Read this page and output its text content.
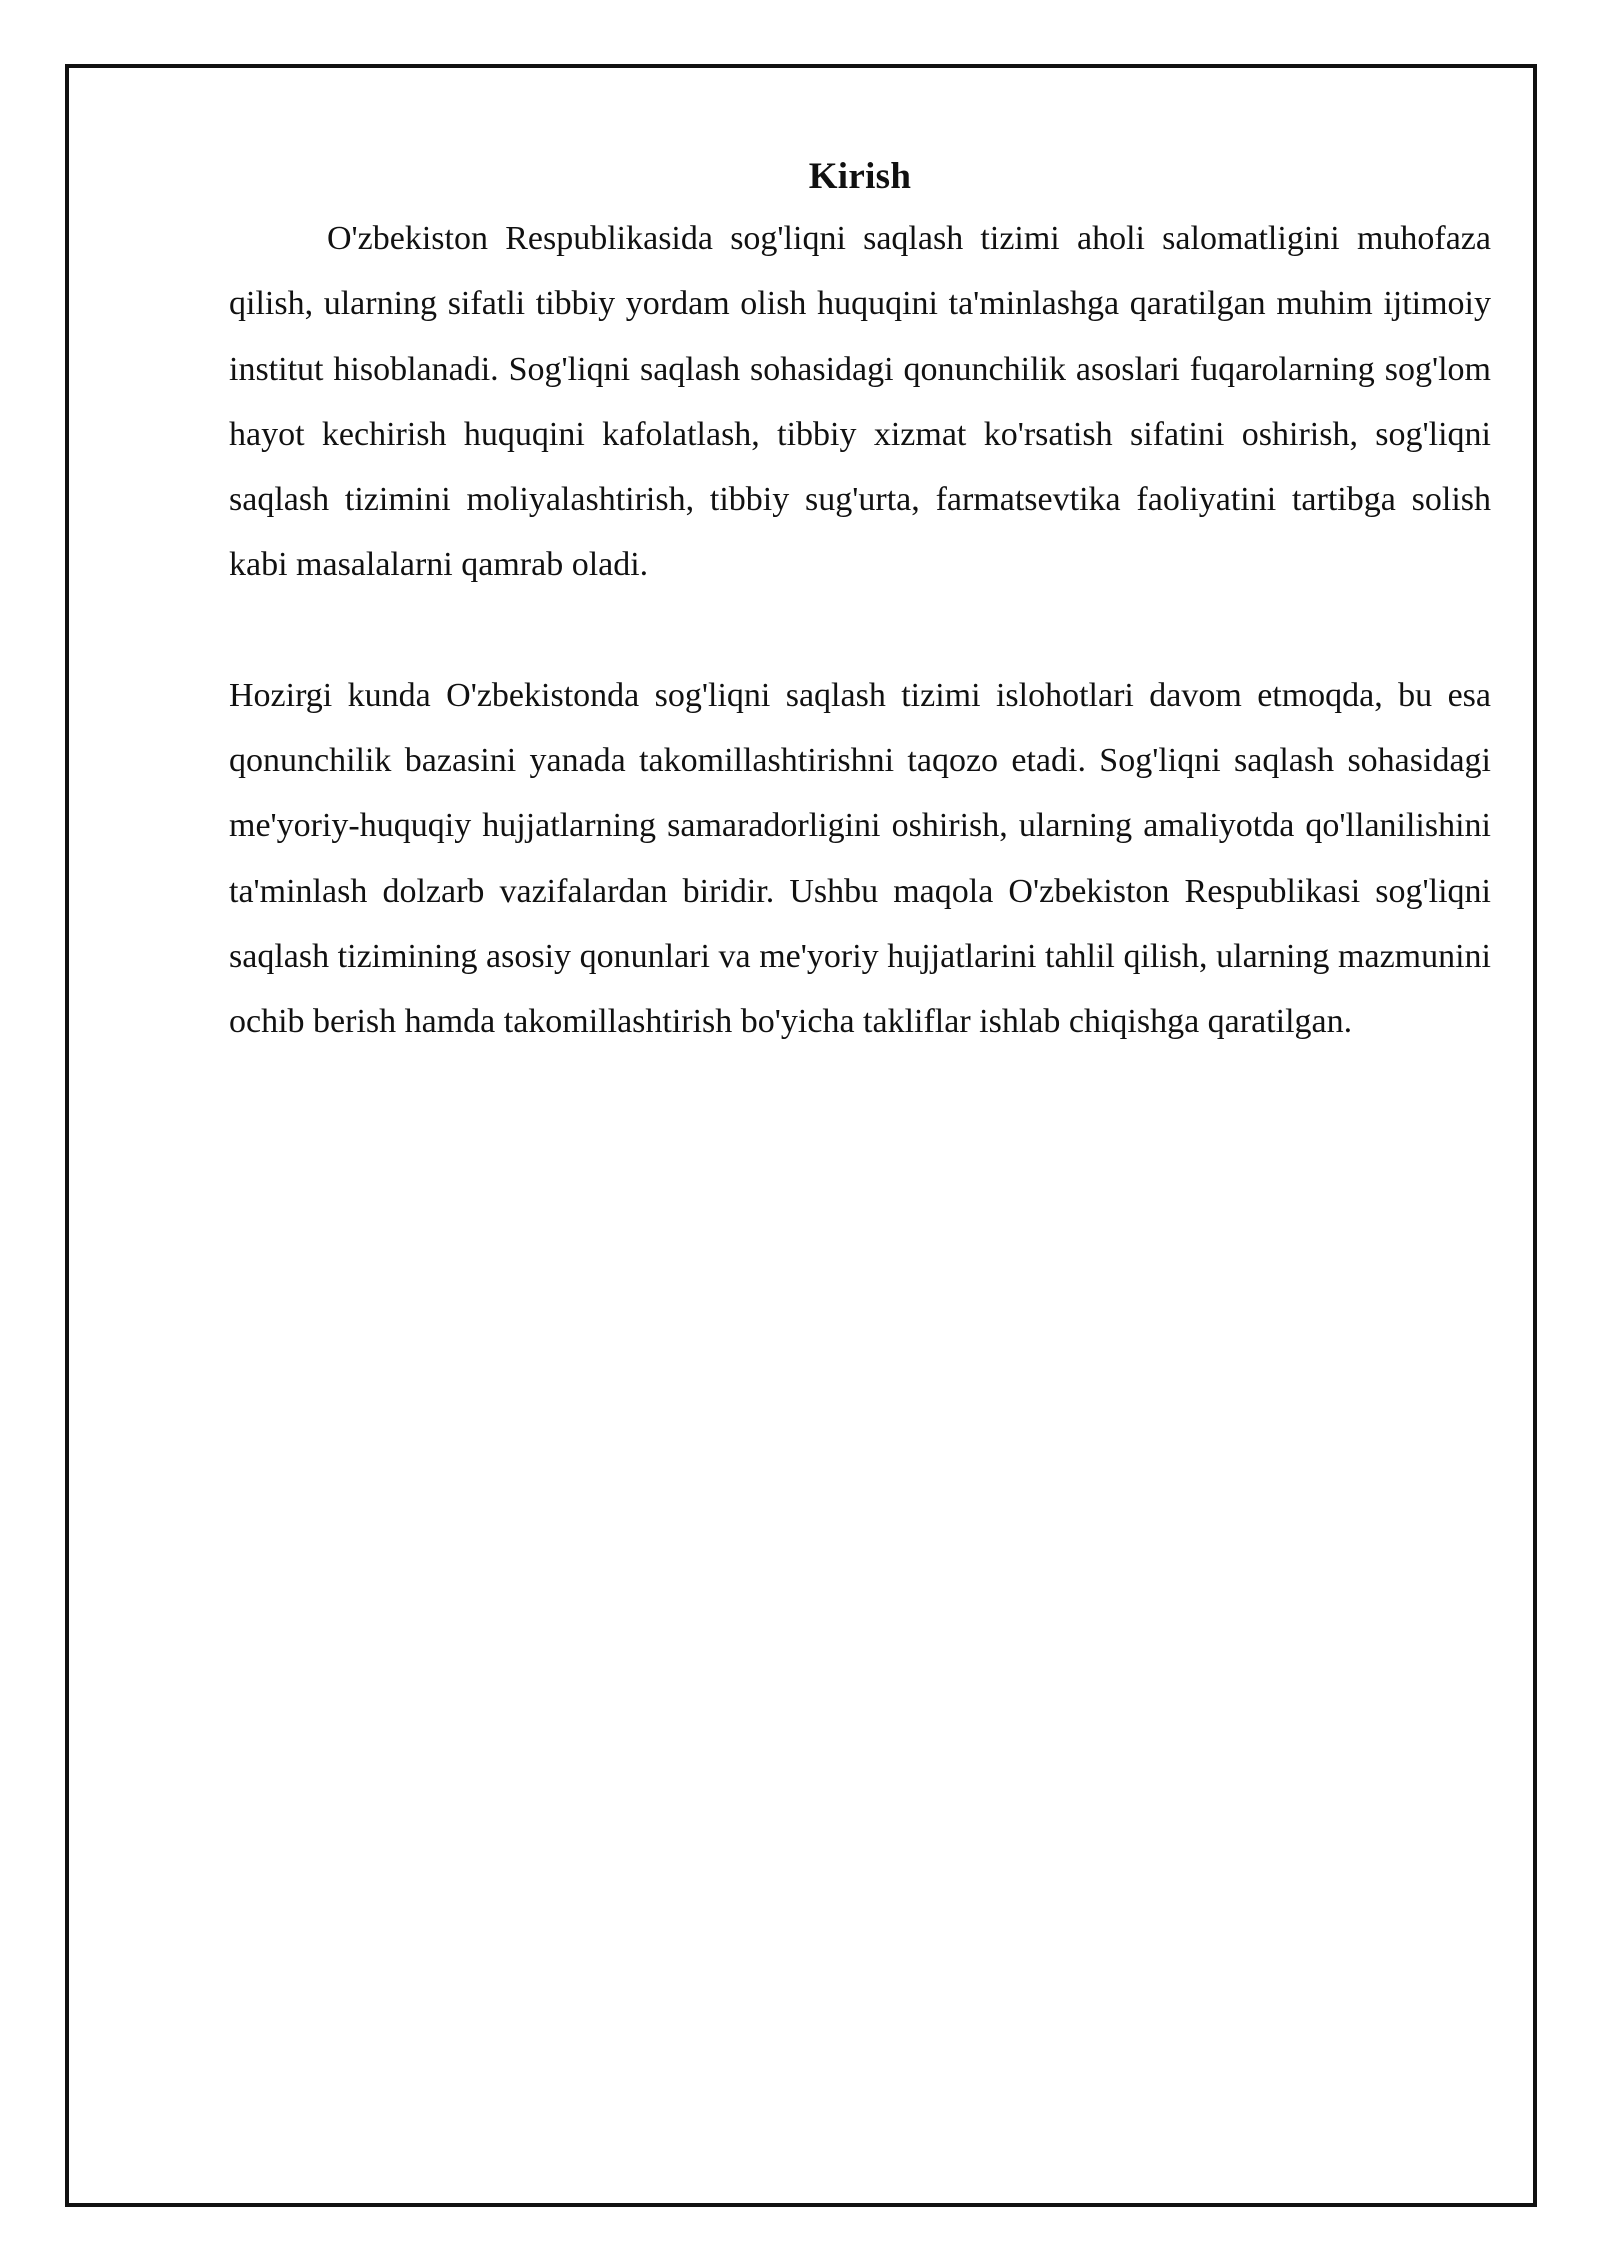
Kirish

O'zbekiston Respublikasida sog'liqni saqlash tizimi aholi salomatligini muhofaza qilish, ularning sifatli tibbiy yordam olish huquqini ta'minlashga qaratilgan muhim ijtimoiy institut hisoblanadi. Sog'liqni saqlash sohasidagi qonunchilik asoslari fuqarolarning sog'lom hayot kechirish huquqini kafolatlash, tibbiy xizmat ko'rsatish sifatini oshirish, sog'liqni saqlash tizimini moliyalashtirish, tibbiy sug'urta, farmatsevtika faoliyatini tartibga solish kabi masalalarni qamrab oladi.

Hozirgi kunda O'zbekistonda sog'liqni saqlash tizimi islohotlari davom etmoqda, bu esa qonunchilik bazasini yanada takomillashtirishni taqozo etadi. Sog'liqni saqlash sohasidagi me'yoriy-huquqiy hujjatlarning samaradorligini oshirish, ularning amaliyotda qo'llanilishini ta'minlash dolzarb vazifalardan biridir. Ushbu maqola O'zbekiston Respublikasi sog'liqni saqlash tizimining asosiy qonunlari va me'yoriy hujjatlarini tahlil qilish, ularning mazmunini ochib berish hamda takomillashtirish bo'yicha takliflar ishlab chiqishga qaratilgan.
